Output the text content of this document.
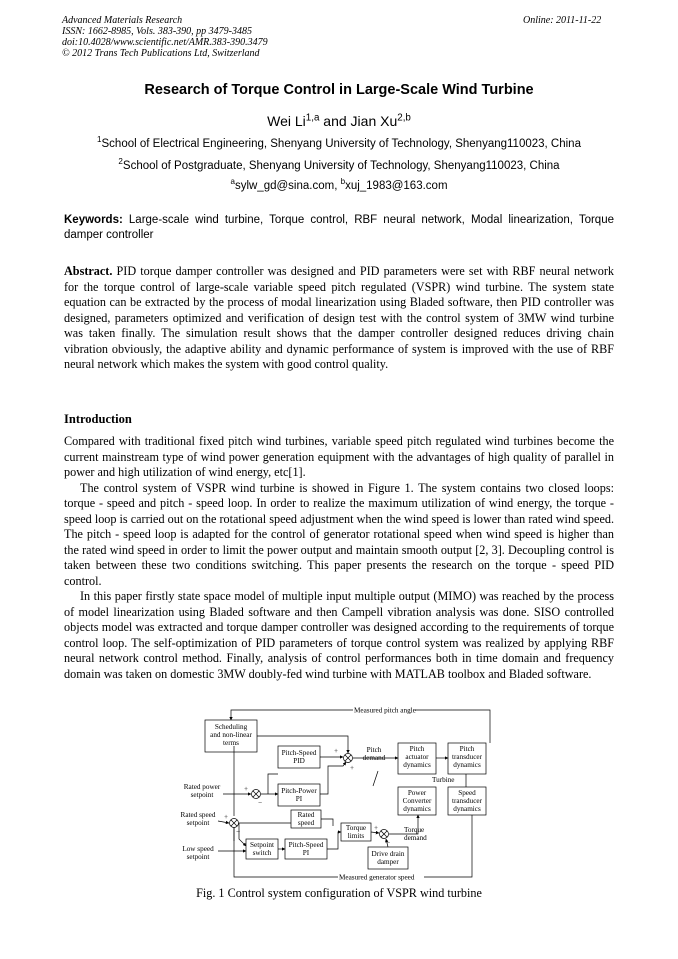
Advanced Materials Research
ISSN: 1662-8985, Vols. 383-390, pp 3479-3485
doi:10.4028/www.scientific.net/AMR.383-390.3479
© 2012 Trans Tech Publications Ltd, Switzerland
Online: 2011-11-22
Research of Torque Control in Large-Scale Wind Turbine
Wei Li$^{1,a}$ and Jian Xu$^{2,b}$
$^1$School of Electrical Engineering, Shenyang University of Technology, Shenyang110023, China
$^2$School of Postgraduate, Shenyang University of Technology, Shenyang110023, China
$^a$sylw_gd@sina.com, $^b$xuj_1983@163.com
Keywords: Large-scale wind turbine, Torque control, RBF neural network, Modal linearization, Torque damper controller

Abstract. PID torque damper controller was designed and PID parameters were set with RBF neural network for the torque control of large-scale variable speed pitch regulated (VSPR) wind turbine. The system state equation can be extracted by the process of modal linearization using Bladed software, then PID controller was designed, parameters optimized and verification of design test with the control system of 3MW wind turbine was taken finally. The simulation result shows that the damper controller designed reduces driving chain vibration obviously, the adaptive ability and dynamic performance of system is improved with the use of RBF neural network which makes the system with good control quality.

Introduction

Compared with traditional fixed pitch wind turbines, variable speed pitch regulated wind turbines become the current mainstream type of wind power generation equipment with the advantages of high quality of parallel in power and high utilization of wind energy, etc[1].

The control system of VSPR wind turbine is showed in Figure 1. The system contains two closed loops: torque - speed and pitch - speed loop. In order to realize the maximum utilization of wind energy, the torque - speed loop is carried out on the rotational speed adjustment when the wind speed is lower than rated wind speed. The pitch - speed loop is adapted for the control of generator rotational speed when wind speed is higher than the rated wind speed in order to limit the power output and maintain smooth output [2, 3]. Decoupling control is taken between these two conditions switching. This paper presents the research on the torque - speed PID control.

In this paper firstly state space model of multiple input multiple output (MIMO) was reached by the process of model linearization using Bladed software and then Campell vibration analysis was done. SISO controlled objects model was extracted and torque damper controller was designed according to the requirements of torque control loop. The self-optimization of PID parameters of torque control system was realized by applying RBF neural network control method. Finally, analysis of control performances both in time domain and frequency domain was taken on domestic 3MW doubly-fed wind turbine with MATLAB toolbox and Bladed software.

Turbine
Measured pitch angle
Measured generator speed
Scheduling
and non-linear
terms
Pitch-Speed
PID
Pitch-Power
PI
Rated
speed
Setpoint
switch
Pitch-Speed
PI
Torque
limits
Drive drain
damper
Pitch
actuator
dynamics
Pitch
transducer
dynamics
Power
Converter
dynamics
Speed
transducer
dynamics
Pitch
demand
Torque
demand
Rated power
setpoint
Rated speed
setpoint
Low speed
setpoint
+
+
+
−
+
−	+
−
Fig. 1 Control system configuration of VSPR wind turbine
